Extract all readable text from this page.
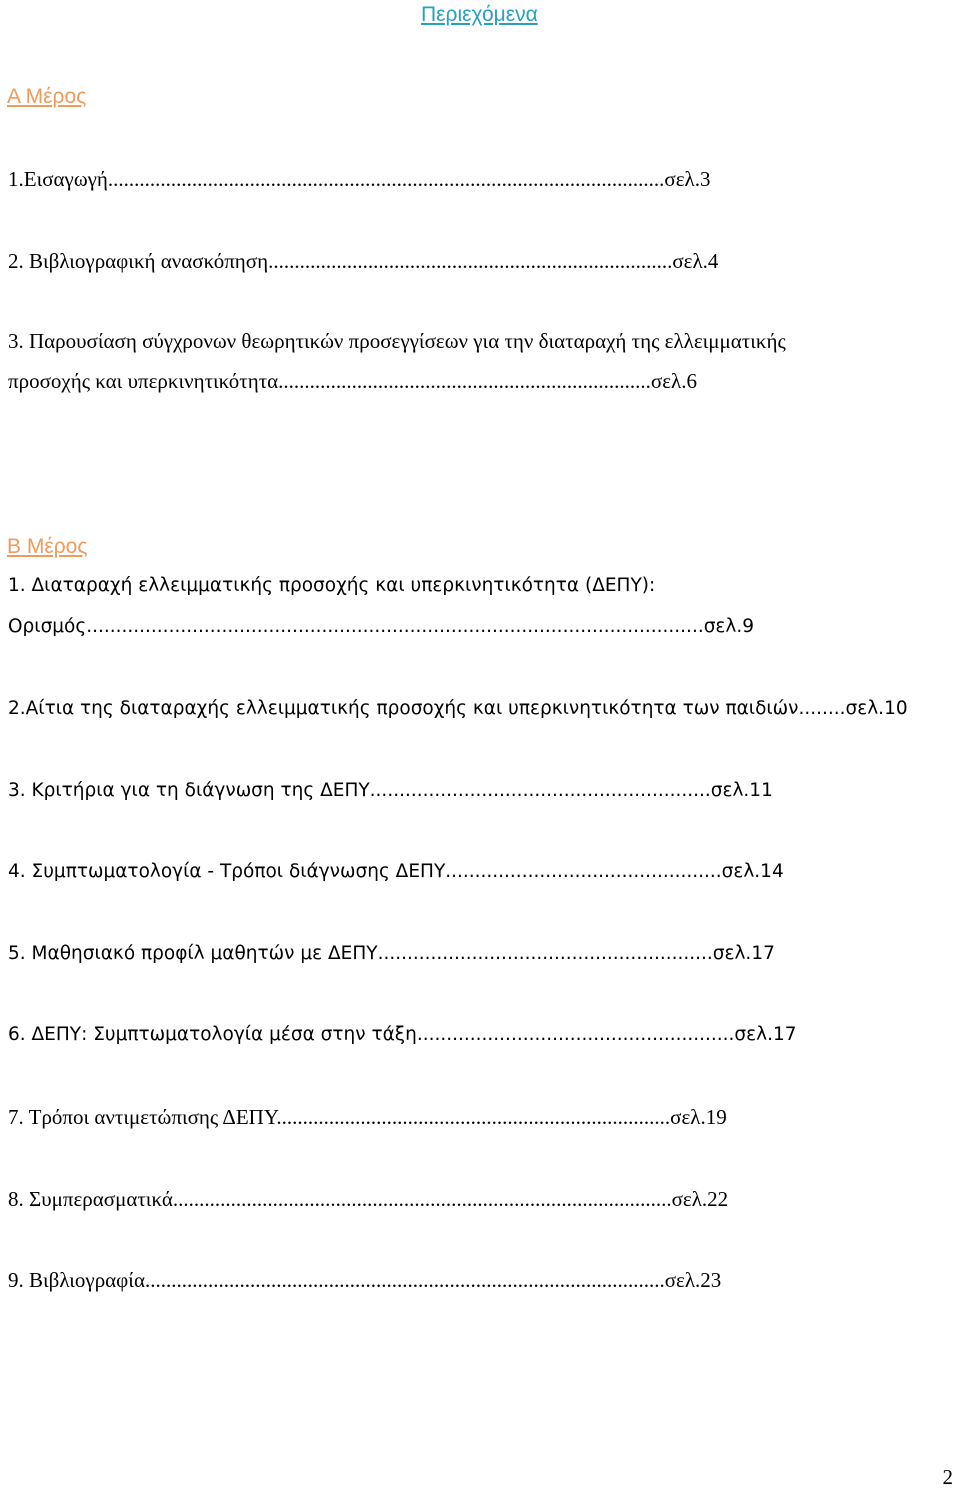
Περιεχόμενα
Α Μέρος
1.Εισαγωγή..........................................................................................................σελ.3
2. Βιβλιογραφική ανασκόπηση.............................................................................σελ.4
3. Παρουσίαση σύγχρονων θεωρητικών προσεγγίσεων για την διαταραχή της ελλειμματικής
προσοχής και υπερκινητικότητα.......................................................................σελ.6
Β Μέρος
1. Διαταραχή ελλειμματικής προσοχής και υπερκινητικότητα (ΔΕΠΥ):
Ορισμός.........................................................................................................σελ.9
2.Αίτια της διαταραχής ελλειμματικής προσοχής και υπερκινητικότητα των παιδιών........σελ.10
3. Κριτήρια για τη διάγνωση της ΔΕΠΥ..........................................................σελ.11
4. Συμπτωματολογία - Τρόποι διάγνωσης ΔΕΠΥ...............................................σελ.14
5. Μαθησιακό προφίλ μαθητών με ΔΕΠΥ.........................................................σελ.17
6. ΔΕΠΥ: Συμπτωματολογία μέσα στην τάξη......................................................σελ.17
7. Τρόποι αντιμετώπισης ΔΕΠΥ...........................................................................σελ.19
8. Συμπερασματικά...............................................................................................σελ.22
9. Βιβλιογραφία...................................................................................................σελ.23
2
